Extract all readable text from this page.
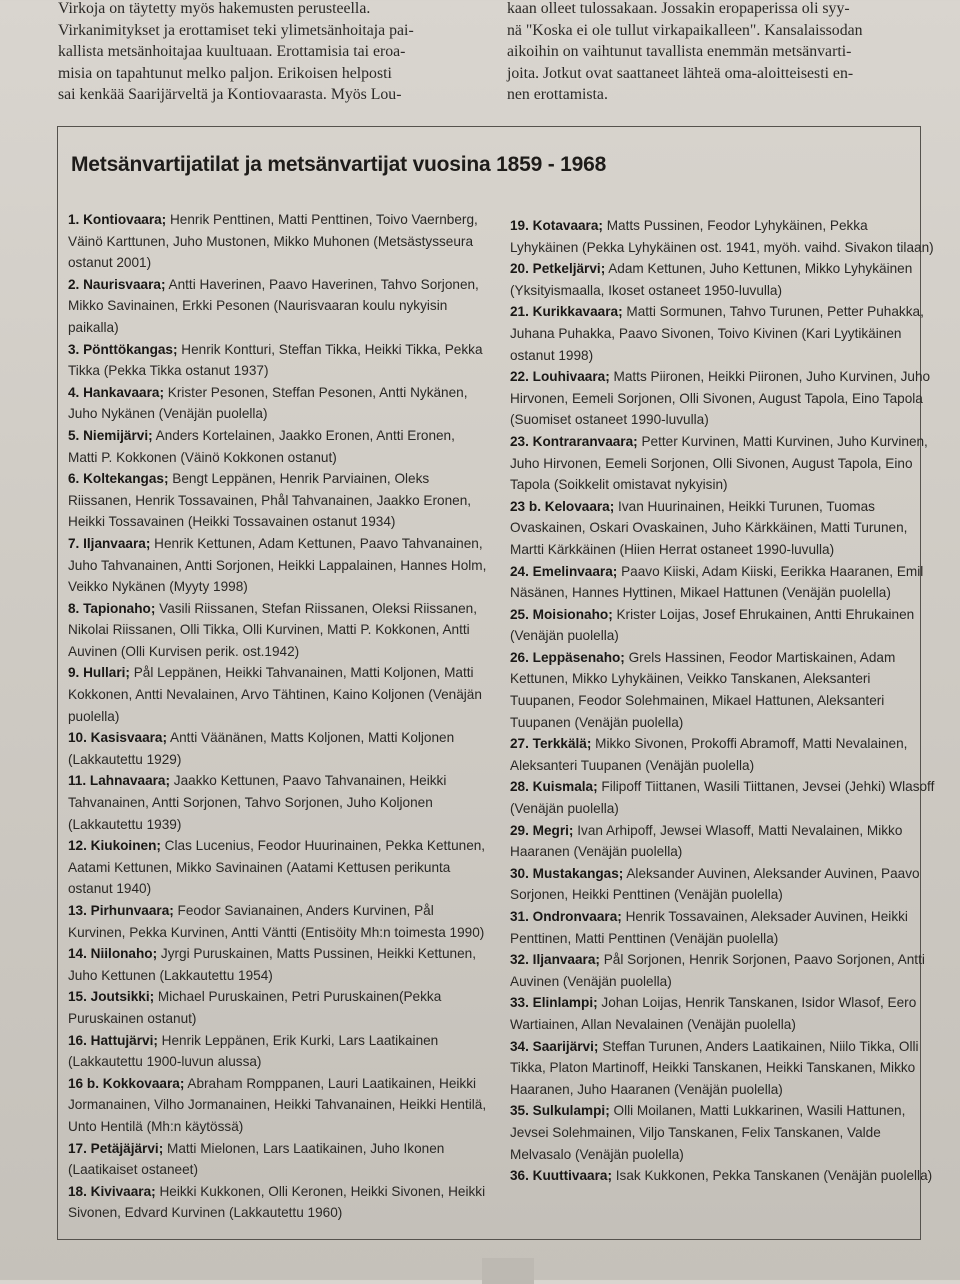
Virkoja on täytetty myös hakemusten perusteella.
Virkanimitykset ja erottamiset teki ylimetsänhoitaja pai-
kallista metsänhoitajaa kuultuaan. Erottamisia tai eroa-
misia on tapahtunut melko paljon. Erikoisen helposti
sai kenkää Saarijärveltä ja Kontiovaarasta. Myös Lou-
kaan olleet tulossakaan. Jossakin eropaperissa oli syy-
nä "Koska ei ole tullut virkapaikalleen". Kansalaissodan
aikoihin on vaihtunut tavallista enemmän metsänvarti-
joita. Jotkut ovat saattaneet lähteä oma-aloitteisesti en-
nen erottamista.
Metsänvartijatilat ja metsänvartijat vuosina 1859 - 1968

1. Kontiovaara; Henrik Penttinen, Matti Penttinen, Toivo Vaernberg, Väinö Karttunen, Juho Mustonen, Mikko Muhonen (Metsästysseura ostanut 2001)

2. Naurisvaara; Antti Haverinen, Paavo Haverinen, Tahvo Sorjonen, Mikko Savinainen, Erkki Pesonen (Naurisvaaran koulu nykyisin paikalla)

3. Pönttökangas; Henrik Kontturi, Steffan Tikka, Heikki Tikka, Pekka Tikka (Pekka Tikka ostanut 1937)

4. Hankavaara; Krister Pesonen, Steffan Pesonen, Antti Nykänen, Juho Nykänen (Venäjän puolella)

5. Niemijärvi; Anders Kortelainen, Jaakko Eronen, Antti Eronen, Matti P. Kokkonen (Väinö Kokkonen ostanut)

6. Koltekangas; Bengt Leppänen, Henrik Parviainen, Oleks Riissanen, Henrik Tossavainen, Phål Tahvanainen, Jaakko Eronen, Heikki Tossavainen (Heikki Tossavainen ostanut 1934)

7. Iljanvaara; Henrik Kettunen, Adam Kettunen, Paavo Tahvanainen, Juho Tahvanainen, Antti Sorjonen, Heikki Lappalainen, Hannes Holm, Veikko Nykänen (Myyty 1998)

8. Tapionaho; Vasili Riissanen, Stefan Riissanen, Oleksi Riissanen, Nikolai Riissanen, Olli Tikka, Olli Kurvinen, Matti P. Kokkonen, Antti Auvinen (Olli Kurvisen perik. ost.1942)

9. Hullari; Pål Leppänen, Heikki Tahvanainen, Matti Koljonen, Matti Kokkonen, Antti Nevalainen, Arvo Tähtinen, Kaino Koljonen (Venäjän puolella)

10. Kasisvaara; Antti Väänänen, Matts Koljonen, Matti Koljonen (Lakkautettu 1929)

11. Lahnavaara; Jaakko Kettunen, Paavo Tahvanainen, Heikki Tahvanainen, Antti Sorjonen, Tahvo Sorjonen, Juho Koljonen (Lakkautettu 1939)

12. Kiukoinen; Clas Lucenius, Feodor Huurinainen, Pekka Kettunen, Aatami Kettunen, Mikko Savinainen (Aatami Kettusen perikunta ostanut 1940)

13. Pirhunvaara; Feodor Savianainen, Anders Kurvinen, Pål Kurvinen, Pekka Kurvinen, Antti Väntti (Entisöity Mh:n toimesta 1990)

14. Niilonaho; Jyrgi Puruskainen, Matts Pussinen, Heikki Kettunen, Juho Kettunen (Lakkautettu 1954)

15. Joutsikki; Michael Puruskainen, Petri Puruskainen(Pekka Puruskainen ostanut)

16. Hattujärvi; Henrik Leppänen, Erik Kurki, Lars Laatikainen (Lakkautettu 1900-luvun alussa)

16 b. Kokkovaara; Abraham Romppanen, Lauri Laatikainen, Heikki Jormanainen, Vilho Jormanainen, Heikki Tahvanainen, Heikki Hentilä, Unto Hentilä (Mh:n käytössä)

17. Petäjäjärvi; Matti Mielonen, Lars Laatikainen, Juho Ikonen (Laatikaiset ostaneet)

18. Kivivaara; Heikki Kukkonen, Olli Keronen, Heikki Sivonen, Heikki Sivonen, Edvard Kurvinen (Lakkautettu 1960)

19. Kotavaara; Matts Pussinen, Feodor Lyhykäinen, Pekka Lyhykäinen (Pekka Lyhykäinen ost. 1941, myöh. vaihd. Sivakon tilaan)

20. Petkeljärvi; Adam Kettunen, Juho Kettunen, Mikko Lyhykäinen (Yksityismaalla, Ikoset ostaneet 1950-luvulla)

21. Kurikkavaara; Matti Sormunen, Tahvo Turunen, Petter Puhakka, Juhana Puhakka, Paavo Sivonen, Toivo Kivinen (Kari Lyytikäinen ostanut 1998)

22. Louhivaara; Matts Piironen, Heikki Piironen, Juho Kurvinen, Juho Hirvonen, Eemeli Sorjonen, Olli Sivonen, August Tapola, Eino Tapola (Suomiset ostaneet 1990-luvulla)

23. Kontraranvaara; Petter Kurvinen, Matti Kurvinen, Juho Kurvinen, Juho Hirvonen, Eemeli Sorjonen, Olli Sivonen, August Tapola, Eino Tapola (Soikkelit omistavat nykyisin)

23 b. Kelovaara; Ivan Huurinainen, Heikki Turunen, Tuomas Ovaskainen, Oskari Ovaskainen, Juho Kärkkäinen, Matti Turunen, Martti Kärkkäinen (Hiien Herrat ostaneet 1990-luvulla)

24. Emelinvaara; Paavo Kiiski, Adam Kiiski, Eerikka Haaranen, Emil Näsänen, Hannes Hyttinen, Mikael Hattunen (Venäjän puolella)

25. Moisionaho; Krister Loijas, Josef Ehrukainen, Antti Ehrukainen (Venäjän puolella)

26. Leppäsenaho; Grels Hassinen, Feodor Martiskainen, Adam Kettunen, Mikko Lyhykäinen, Veikko Tanskanen, Aleksanteri Tuupanen, Feodor Solehmainen, Mikael Hattunen, Aleksanteri Tuupanen (Venäjän puolella)

27. Terkkälä; Mikko Sivonen, Prokoffi Abramoff, Matti Nevalainen, Aleksanteri Tuupanen (Venäjän puolella)

28. Kuismala; Filipoff Tiittanen, Wasili Tiittanen, Jevsei (Jehki) Wlasoff (Venäjän puolella)

29. Megri; Ivan Arhipoff, Jewsei Wlasoff, Matti Nevalainen, Mikko Haaranen (Venäjän puolella)

30. Mustakangas; Aleksander Auvinen, Aleksander Auvinen, Paavo Sorjonen, Heikki Penttinen (Venäjän puolella)

31. Ondronvaara; Henrik Tossavainen, Aleksader Auvinen, Heikki Penttinen, Matti Penttinen (Venäjän puolella)

32. Iljanvaara; Pål Sorjonen, Henrik Sorjonen, Paavo Sorjonen, Antti Auvinen (Venäjän puolella)

33. Elinlampi; Johan Loijas, Henrik Tanskanen, Isidor Wlasof, Eero Wartiainen, Allan Nevalainen (Venäjän puolella)

34. Saarijärvi; Steffan Turunen, Anders Laatikainen, Niilo Tikka, Olli Tikka, Platon Martinoff, Heikki Tanskanen, Heikki Tanskanen, Mikko Haaranen, Juho Haaranen (Venäjän puolella)

35. Sulkulampi; Olli Moilanen, Matti Lukkarinen, Wasili Hattunen, Jevsei Solehmainen, Viljo Tanskanen, Felix Tanskanen, Valde Melvasalo (Venäjän puolella)

36. Kuuttivaara; Isak Kukkonen, Pekka Tanskanen (Venäjän puolella)
